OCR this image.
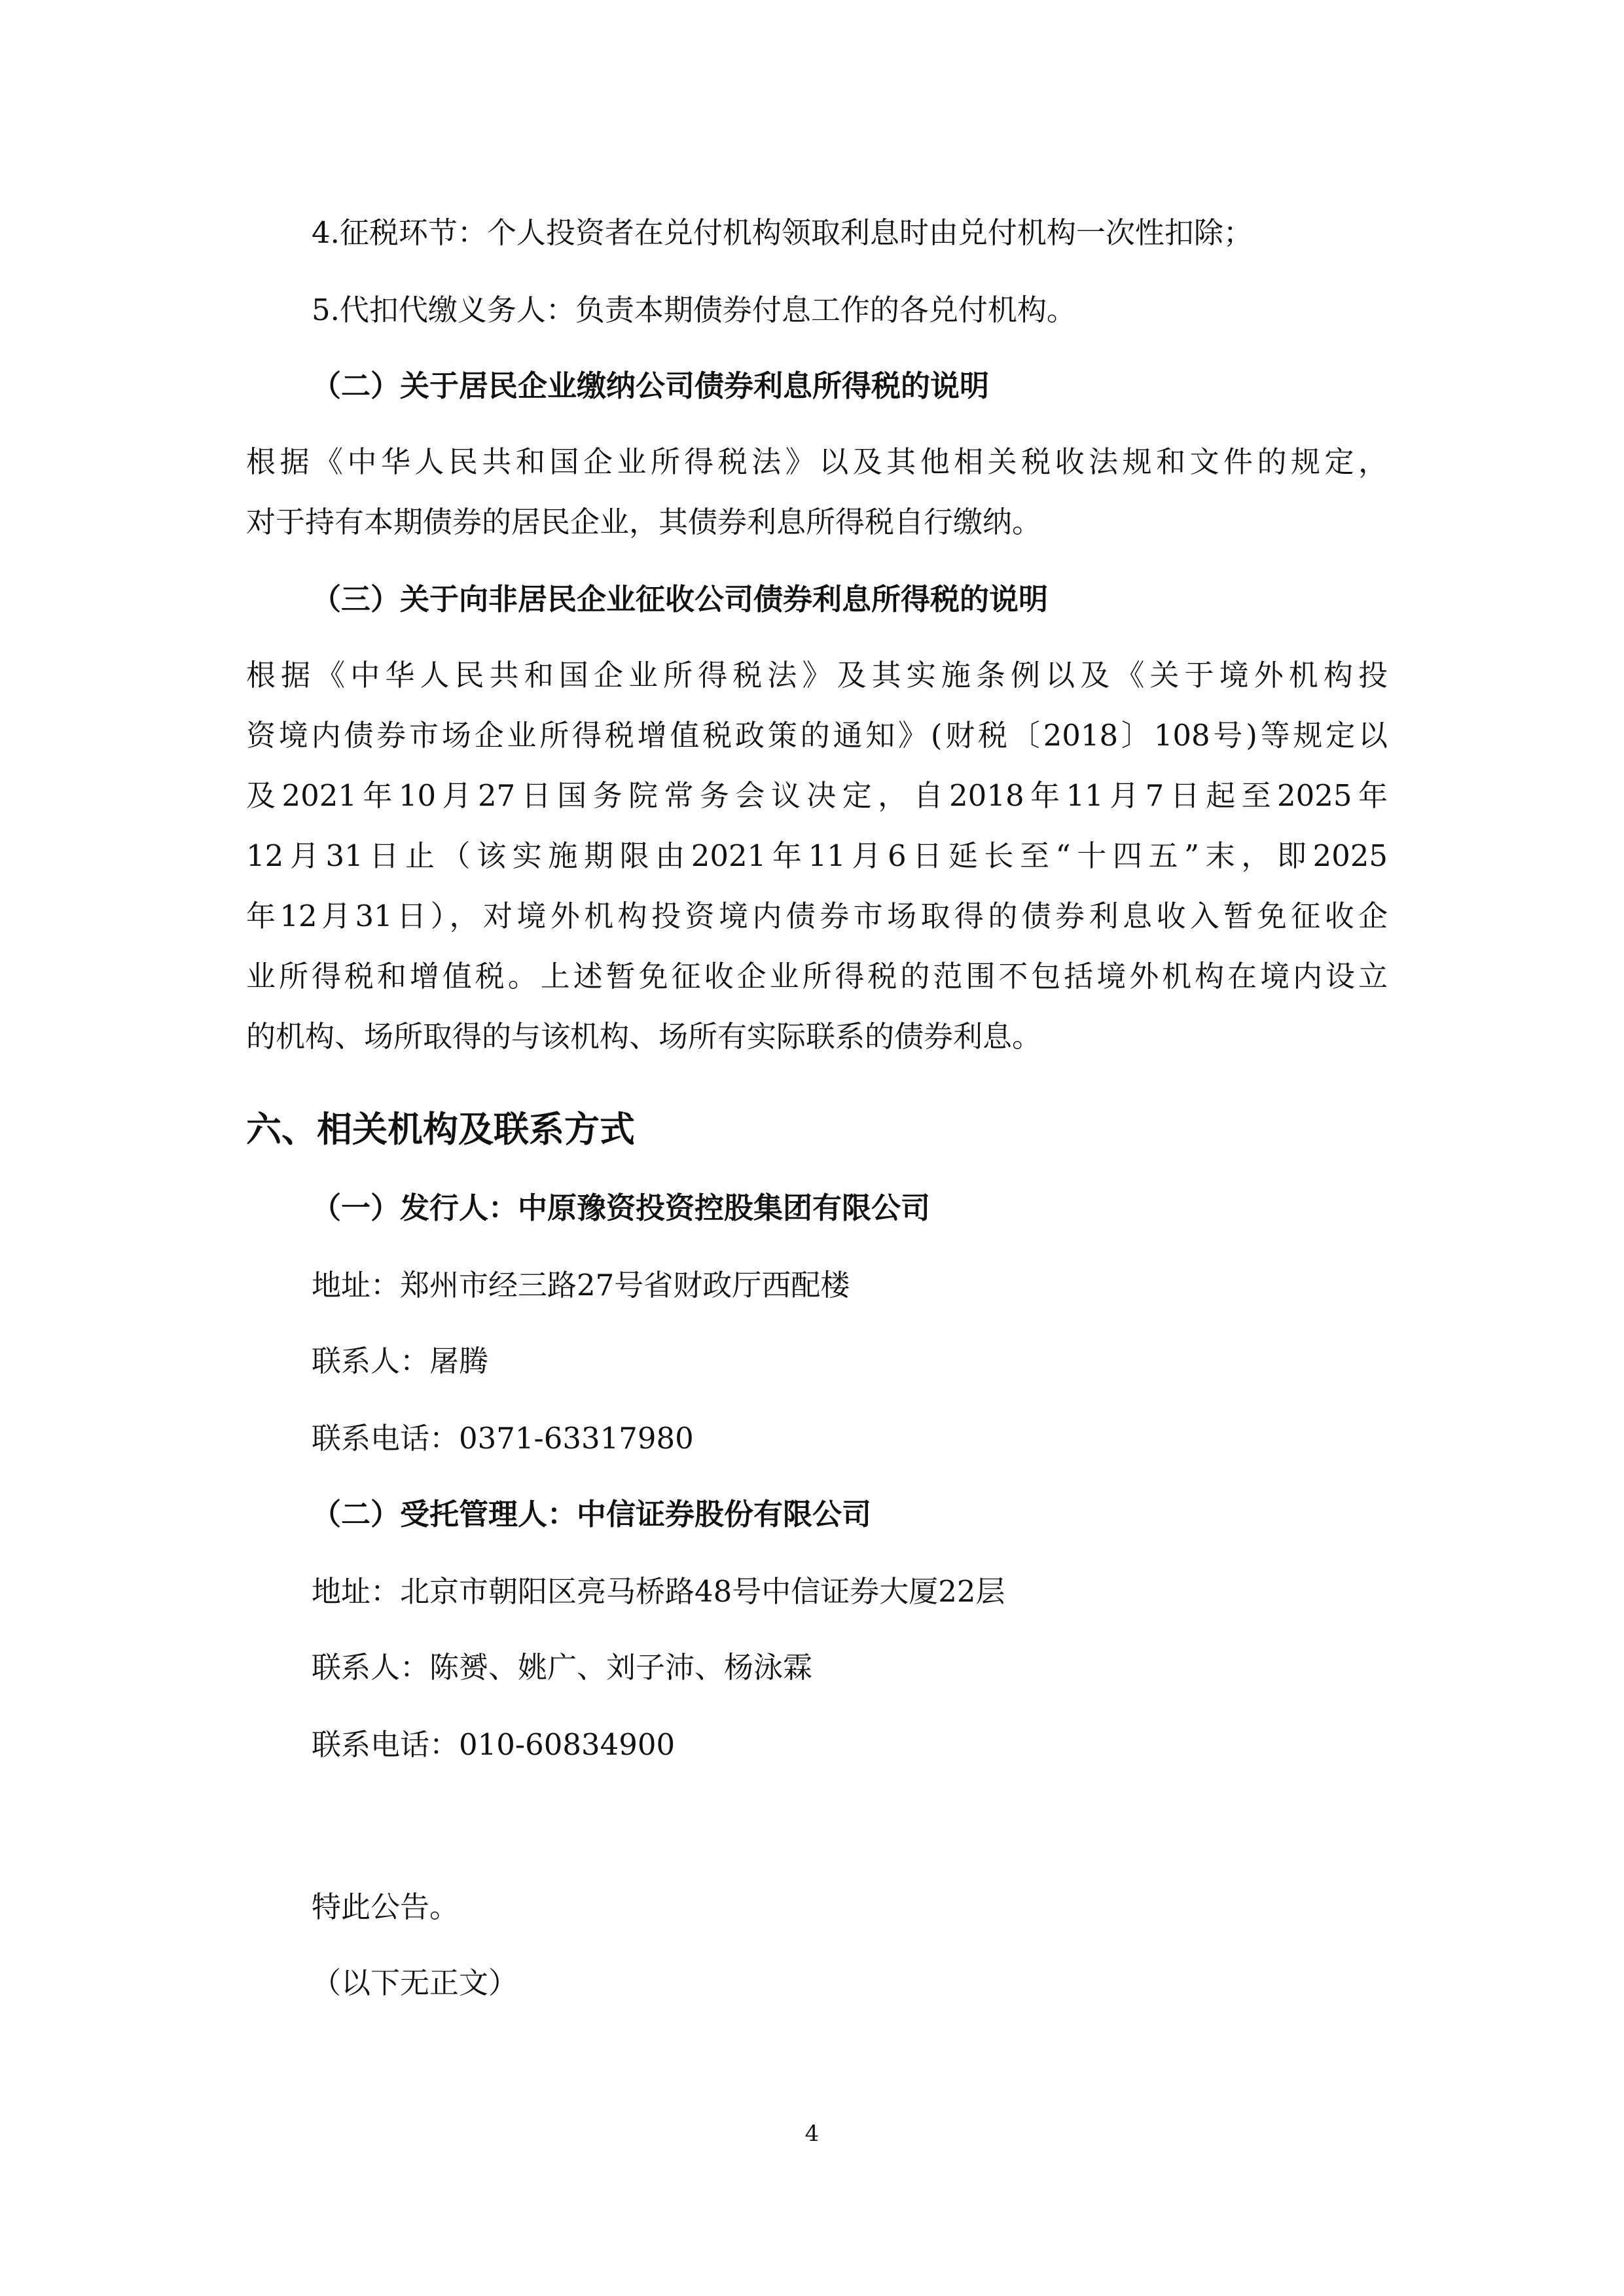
4.征税环节：个人投资者在兑付机构领取利息时由兑付机构一次性扣除；
5.代扣代缴义务人：负责本期债券付息工作的各兑付机构。
（二）关于居民企业缴纳公司债券利息所得税的说明
根据《中华人民共和国企业所得税法》以及其他相关税收法规和文件的规定，
对于持有本期债券的居民企业，其债券利息所得税自行缴纳。
（三）关于向非居民企业征收公司债券利息所得税的说明
根据《中华人民共和国企业所得税法》及其实施条例以及《关于境外机构投
资境内债券市场企业所得税增值税政策的通知》(财税〔2018〕108号)等规定以
及2021年10月27日国务院常务会议决定，自2018年11月7日起至2025年
12月31日止（该实施期限由2021年11月6日延长至“十四五”末，即2025
年12月31日），对境外机构投资境内债券市场取得的债券利息收入暂免征收企
业所得税和增值税。上述暂免征收企业所得税的范围不包括境外机构在境内设立
的机构、场所取得的与该机构、场所有实际联系的债券利息。
六、相关机构及联系方式
（一）发行人：中原豫资投资控股集团有限公司
地址：郑州市经三路27号省财政厅西配楼
联系人：屠腾
联系电话：0371-63317980
（二）受托管理人：中信证券股份有限公司
地址：北京市朝阳区亮马桥路48号中信证券大厦22层
联系人：陈赟、姚广、刘子沛、杨泳霖
联系电话：010-60834900
特此公告。
（以下无正文）
4
